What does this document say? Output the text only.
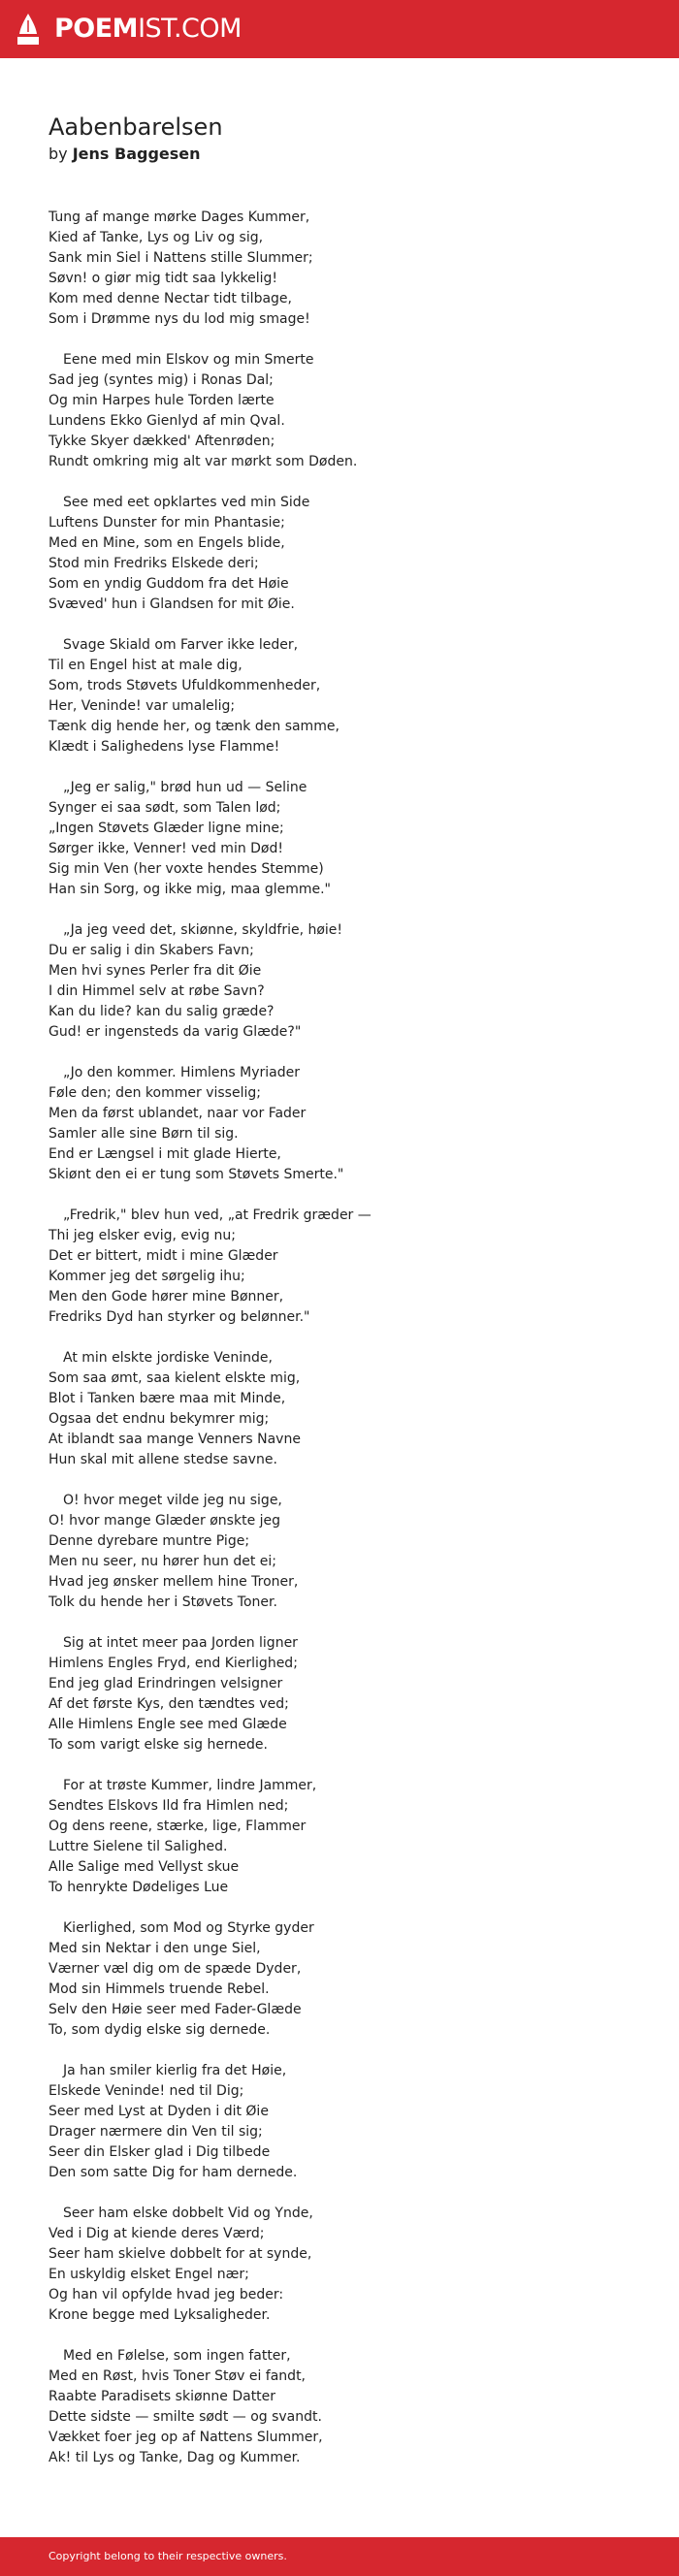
POEMIST.COM
Aabenbarelsen
by Jens Baggesen
Tung af mange mørke Dages Kummer,
Kied af Tanke, Lys og Liv og sig,
Sank min Siel i Nattens stille Slummer;
Søvn! o giør mig tidt saa lykkelig!
Kom med denne Nectar tidt tilbage,
Som i Drømme nys du lod mig smage!
Eene med min Elskov og min Smerte
Sad jeg (syntes mig) i Ronas Dal;
Og min Harpes hule Torden lærte
Lundens Ekko Gienlyd af min Qval.
Tykke Skyer dækked' Aftenrøden;
Rundt omkring mig alt var mørkt som Døden.
See med eet opklartes ved min Side
Luftens Dunster for min Phantasie;
Med en Mine, som en Engels blide,
Stod min Fredriks Elskede deri;
Som en yndig Guddom fra det Høie
Svæved' hun i Glandsen for mit Øie.
Svage Skiald om Farver ikke leder,
Til en Engel hist at male dig,
Som, trods Støvets Ufuldkommenheder,
Her, Veninde! var umalelig;
Tænk dig hende her, og tænk den samme,
Klædt i Salighedens lyse Flamme!
„Jeg er salig," brød hun ud — Seline
Synger ei saa sødt, som Talen lød;
„Ingen Støvets Glæder ligne mine;
Sørger ikke, Venner! ved min Død!
Sig min Ven (her voxte hendes Stemme)
Han sin Sorg, og ikke mig, maa glemme."
„Ja jeg veed det, skiønne, skyldfrie, høie!
Du er salig i din Skabers Favn;
Men hvi synes Perler fra dit Øie
I din Himmel selv at røbe Savn?
Kan du lide? kan du salig græde?
Gud! er ingensteds da varig Glæde?"
„Jo den kommer. Himlens Myriader
Føle den; den kommer visselig;
Men da først ublandet, naar vor Fader
Samler alle sine Børn til sig.
End er Længsel i mit glade Hierte,
Skiønt den ei er tung som Støvets Smerte."
„Fredrik," blev hun ved, „at Fredrik græder —
Thi jeg elsker evig, evig nu;
Det er bittert, midt i mine Glæder
Kommer jeg det sørgelig ihu;
Men den Gode hører mine Bønner,
Fredriks Dyd han styrker og belønner."
At min elskte jordiske Veninde,
Som saa ømt, saa kielent elskte mig,
Blot i Tanken bære maa mit Minde,
Ogsaa det endnu bekymrer mig;
At iblandt saa mange Venners Navne
Hun skal mit allene stedse savne.
O! hvor meget vilde jeg nu sige,
O! hvor mange Glæder ønskte jeg
Denne dyrebare muntre Pige;
Men nu seer, nu hører hun det ei;
Hvad jeg ønsker mellem hine Troner,
Tolk du hende her i Støvets Toner.
Sig at intet meer paa Jorden ligner
Himlens Engles Fryd, end Kierlighed;
End jeg glad Erindringen velsigner
Af det første Kys, den tændtes ved;
Alle Himlens Engle see med Glæde
To som varigt elske sig hernede.
For at trøste Kummer, lindre Jammer,
Sendtes Elskovs Ild fra Himlen ned;
Og dens reene, stærke, lige, Flammer
Luttre Sielene til Salighed.
Alle Salige med Vellyst skue
To henrykte Dødeliges Lue
Kierlighed, som Mod og Styrke gyder
Med sin Nektar i den unge Siel,
Værner væl dig om de spæde Dyder,
Mod sin Himmels truende Rebel.
Selv den Høie seer med Fader-Glæde
To, som dydig elske sig dernede.
Ja han smiler kierlig fra det Høie,
Elskede Veninde! ned til Dig;
Seer med Lyst at Dyden i dit Øie
Drager nærmere din Ven til sig;
Seer din Elsker glad i Dig tilbede
Den som satte Dig for ham dernede.
Seer ham elske dobbelt Vid og Ynde,
Ved i Dig at kiende deres Værd;
Seer ham skielve dobbelt for at synde,
En uskyldig elsket Engel nær;
Og han vil opfylde hvad jeg beder:
Krone begge med Lyksaligheder.
Med en Følelse, som ingen fatter,
Med en Røst, hvis Toner Støv ei fandt,
Raabte Paradisets skiønne Datter
Dette sidste — smilte sødt — og svandt.
Vækket foer jeg op af Nattens Slummer,
Ak! til Lys og Tanke, Dag og Kummer.
Copyright belong to their respective owners.
